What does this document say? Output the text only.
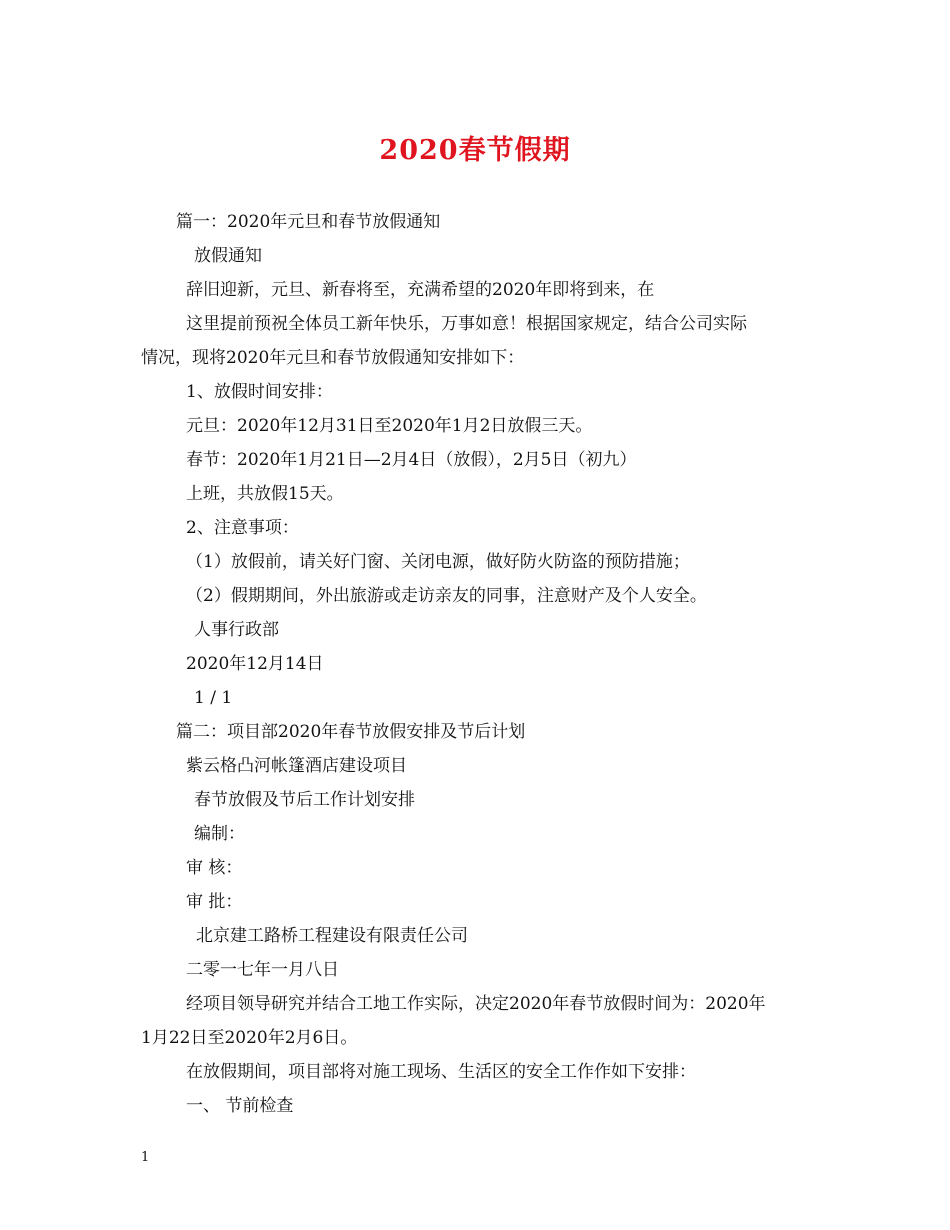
2020春节假期
篇一：2020年元旦和春节放假通知
放假通知
辞旧迎新，元旦、新春将至，充满希望的2020年即将到来，在
这里提前预祝全体员工新年快乐，万事如意！根据国家规定，结合公司实际
情况，现将2020年元旦和春节放假通知安排如下：
1、放假时间安排：
元旦：2020年12月31日至2020年1月2日放假三天。
春节：2020年1月21日—2月4日（放假），2月5日（初九）
上班，共放假15天。
2、注意事项：
（1）放假前，请关好门窗、关闭电源，做好防火防盗的预防措施；
（2）假期期间，外出旅游或走访亲友的同事，注意财产及个人安全。
人事行政部
2020年12月14日
1 / 1
篇二：项目部2020年春节放假安排及节后计划
紫云格凸河帐篷酒店建设项目
春节放假及节后工作计划安排
编制：
审 核：
审 批：
北京建工路桥工程建设有限责任公司
二零一七年一月八日
经项目领导研究并结合工地工作实际，决定2020年春节放假时间为：2020年
1月22日至2020年2月6日。
在放假期间，项目部将对施工现场、生活区的安全工作作如下安排：
一、 节前检查
1
